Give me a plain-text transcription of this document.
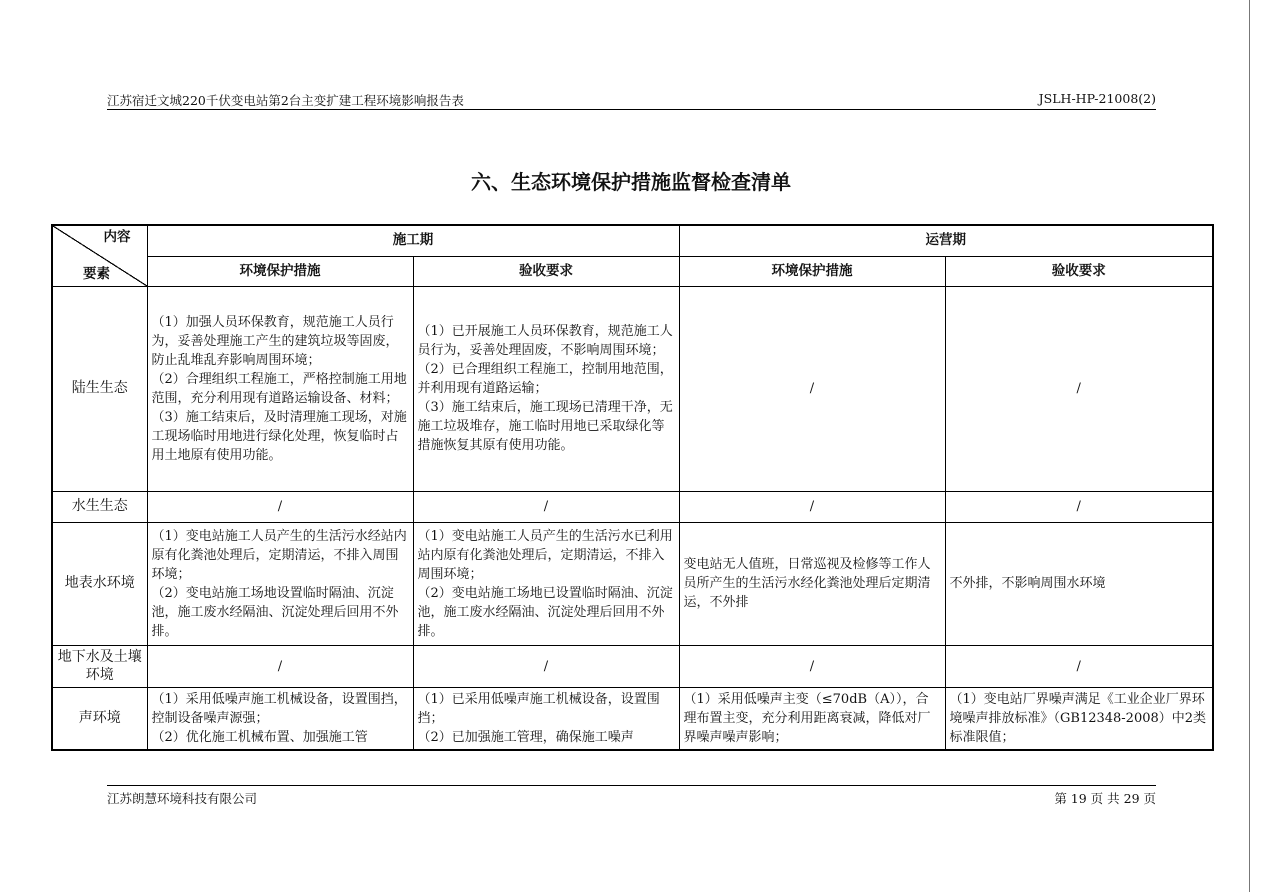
江苏宿迁文城220千伏变电站第2台主变扩建工程环境影响报告表	JSLH-HP-21008(2)
六、生态环境保护措施监督检查清单
内容
要素	施工期		运营期	
	环境保护措施	验收要求	环境保护措施	验收要求
陆生生态	（1）加强人员环保教育，规范施工人员行为，妥善处理施工产生的建筑垃圾等固废，防止乱堆乱弃影响周围环境；
（2）合理组织工程施工，严格控制施工用地范围，充分利用现有道路运输设备、材料；
（3）施工结束后，及时清理施工现场，对施工现场临时用地进行绿化处理，恢复临时占用土地原有使用功能。	（1）已开展施工人员环保教育，规范施工人员行为，妥善处理固废，不影响周围环境；
（2）已合理组织工程施工，控制用地范围，并利用现有道路运输；
（3）施工结束后，施工现场已清理干净，无施工垃圾堆存，施工临时用地已采取绿化等措施恢复其原有使用功能。	/	/
水生生态	/	/	/	/
地表水环境	（1）变电站施工人员产生的生活污水经站内原有化粪池处理后，定期清运，不排入周围环境；
（2）变电站施工场地设置临时隔油、沉淀池，施工废水经隔油、沉淀处理后回用不外排。	（1）变电站施工人员产生的生活污水已利用站内原有化粪池处理后，定期清运，不排入周围环境；
（2）变电站施工场地已设置临时隔油、沉淀池，施工废水经隔油、沉淀处理后回用不外排。	变电站无人值班，日常巡视及检修等工作人员所产生的生活污水经化粪池处理后定期清运，不外排	不外排，不影响周围水环境
地下水及土壤环境	/	/	/	/
声环境	（1）采用低噪声施工机械设备，设置围挡，控制设备噪声源强；
（2）优化施工机械布置、加强施工管	（1）已采用低噪声施工机械设备，设置围挡；
（2）已加强施工管理，确保施工噪声	（1）采用低噪声主变（≤70dB（A）），合理布置主变，充分利用距离衰减，降低对厂界噪声噪声影响；	（1）变电站厂界噪声满足《工业企业厂界环境噪声排放标准》（GB12348-2008）中2类标准限值；
江苏朗慧环境科技有限公司	第 19 页 共 29 页
